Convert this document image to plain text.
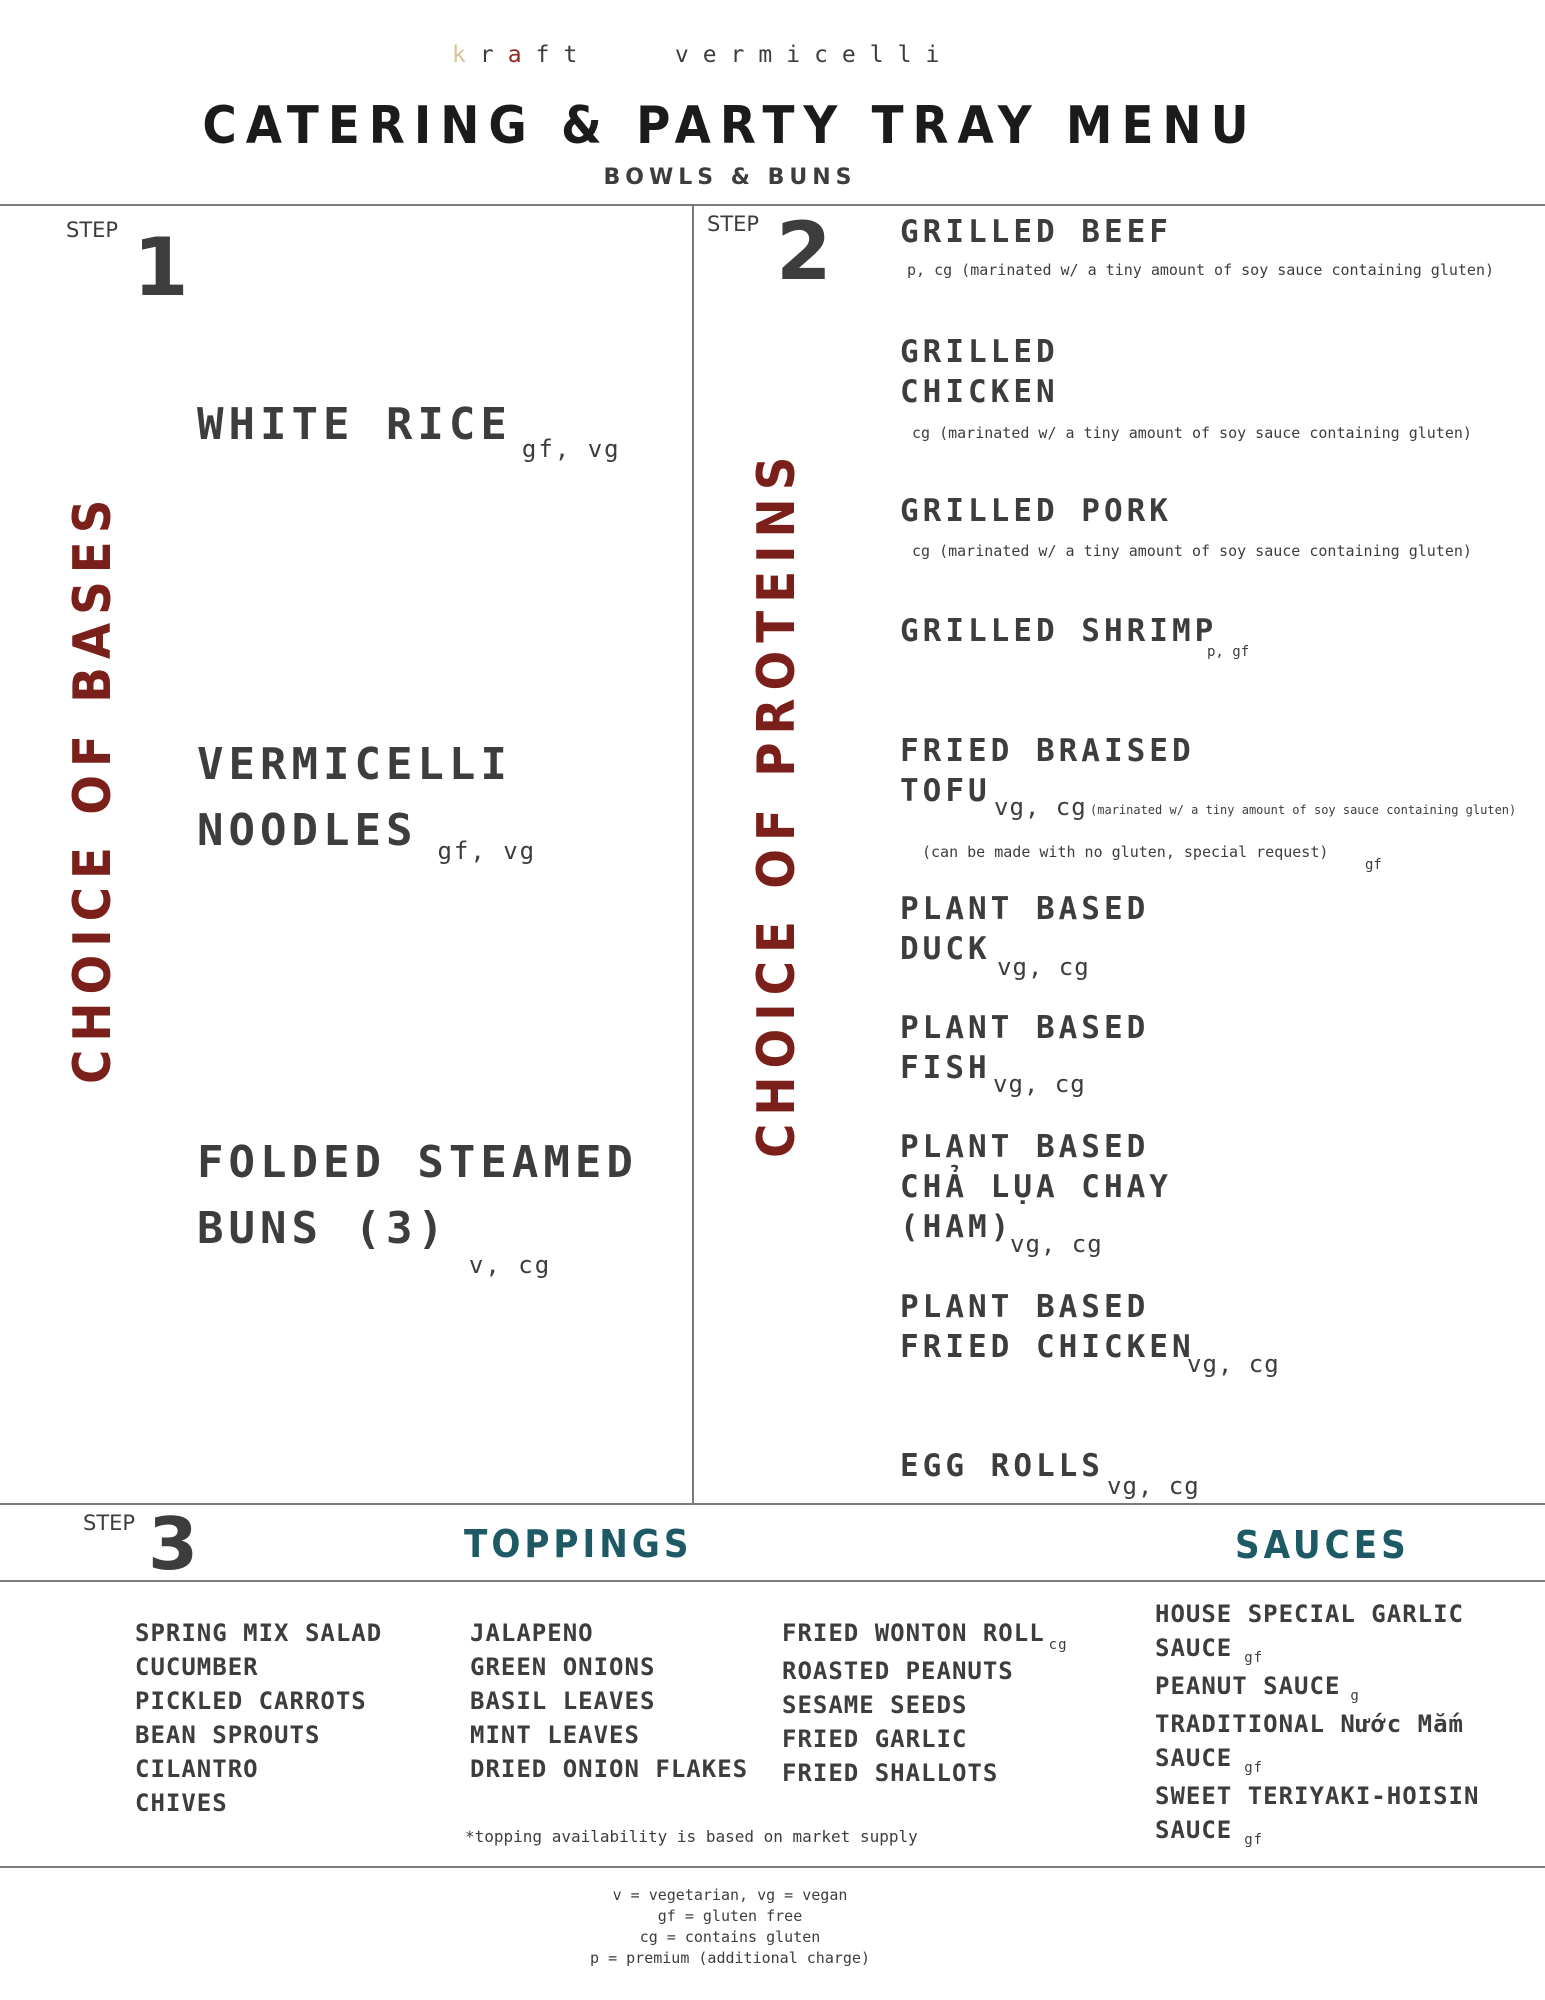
kraft	vermicelli
CATERING & PARTY TRAY MENU
BOWLS & BUNS
STEP 1
CHOICE OF BASES
WHITE RICE $_{gf, vg}$
VERMICELLI
NOODLES $_{gf, vg}$
FOLDED STEAMED
BUNS $(3)_{v, cg}$
STEP 2
CHOICE OF PROTEINS
GRILLED BEEF
p, cg (marinated w/ a tiny amount of soy sauce containing gluten)
GRILLED
CHICKEN
cg (marinated w/ a tiny amount of soy sauce containing gluten)
GRILLED PORK
cg (marinated w/ a tiny amount of soy sauce containing gluten)
GRILLED SHRIMP
p, gf
FRIED BRAISED
TOFU vg, cg (marinated w/ a tiny amount of soy sauce containing gluten)
(can be made with no gluten, special request)
gf
PLANT BASED
DUCK vg, cg
PLANT BASED
FISH vg, cg
PLANT BASED
CHẢ LỤA CHAY
(HAM)
vg, cg
PLANT BASED
FRIED CHICKEN
vg, cg
EGG ROLLS
vg, cg
STEP 3	TOPPINGS	SAUCES
SPRING MIX SALAD
CUCUMBER
PICKLED CARROTS
BEAN SPROUTS
CILANTRO
CHIVES
JALAPENO
GREEN ONIONS
BASIL LEAVES
MINT LEAVES
DRIED ONION FLAKES
FRIED WONTON ROLL $_{cg}$
ROASTED PEANUTS
SESAME SEEDS
FRIED GARLIC
FRIED SHALLOTS
HOUSE SPECIAL GARLIC
SAUCE $_{gf}$
PEANUT SAUCE $_g$
TRADITIONAL Nước Mắm
SAUCE $_{gf}$
SWEET TERIYAKI-HOISIN
SAUCE $_{gf}$
*topping availability is based on market supply
v = vegetarian, vg = vegan
gf = gluten free
cg = contains gluten
p = premium (additional charge)
